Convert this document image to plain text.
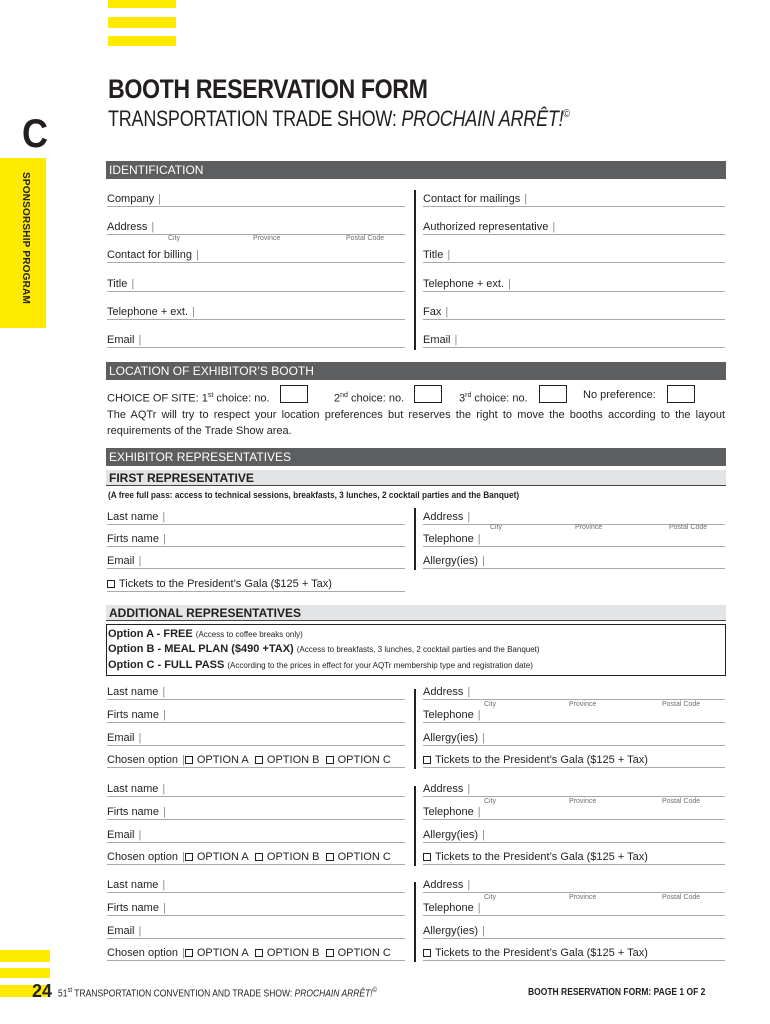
BOOTH RESERVATION FORM
TRANSPORTATION TRADE SHOW: PROCHAIN ARRÊT!©
C
SPONSORSHIP PROGRAM
IDENTIFICATION
Company |	Contact for mailings |
Address |	Authorized representative |
Contact for billing |	Title |
Title |	Telephone + ext. |
Telephone + ext. |	Fax |
Email |	Email |
City	Province	Postal Code
LOCATION OF EXHIBITOR’S BOOTH
CHOICE OF SITE: 1st choice: no.	2nd choice: no.	3rd choice: no.	No preference:
The AQTr will try to respect your location preferences but reserves the right to move the booths according to the layout requirements of the Trade Show area.
EXHIBITOR REPRESENTATIVES
FIRST REPRESENTATIVE
(A free full pass: access to technical sessions, breakfasts, 3 lunches, 2 cocktail parties and the Banquet)
Last name |	Address |
Firts name |	Telephone |
Email |	Allergy(ies) |
City	Province	Postal Code
Tickets to the President’s Gala ($125 + Tax)
ADDITIONAL REPRESENTATIVES
Option A - FREE (Access to coffee breaks only)
Option B - MEAL PLAN ($490 +TAX) (Access to breakfasts, 3 lunches, 2 cocktail parties and the Banquet)
Option C - FULL PASS (According to the prices in effect for your AQTr membership type and registration date)
Last name |	Address |
Firts name |	Telephone |
Email |	Allergy(ies) |
City	Province	Postal Code
Chosen option | OPTION A OPTION B OPTION C	Tickets to the President’s Gala ($125 + Tax)
Last name |	Address |
Firts name |	Telephone |
Email |	Allergy(ies) |
City	Province	Postal Code
Chosen option | OPTION A OPTION B OPTION C	Tickets to the President’s Gala ($125 + Tax)
Last name |	Address |
Firts name |	Telephone |
Email |	Allergy(ies) |
City	Province	Postal Code
Chosen option | OPTION A OPTION B OPTION C	Tickets to the President’s Gala ($125 + Tax)
24 51st TRANSPORTATION CONVENTION AND TRADE SHOW: PROCHAIN ARRÊT!©	BOOTH RESERVATION FORM: PAGE 1 OF 2
